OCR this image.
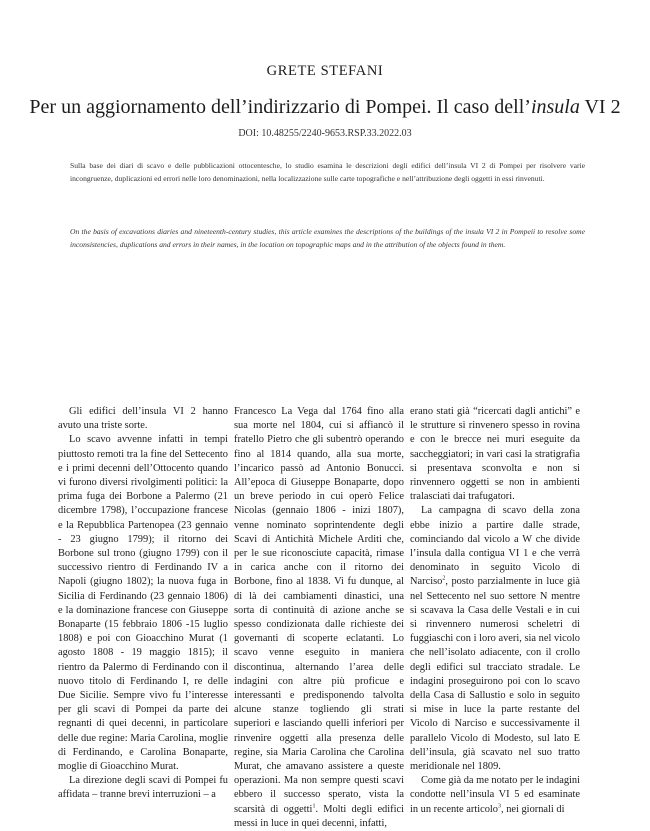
GRETE STEFANI
Per un aggiornamento dell’indirizzario di Pompei. Il caso dell’insula VI 2
DOI: 10.48255/2240-9653.RSP.33.2022.03

Sulla base dei diari di scavo e delle pubblicazioni ottocentesche, lo studio esamina le descrizioni degli edifici dell’insula VI 2 di Pompei per risolvere varie incongruenze, duplicazioni ed errori nelle loro denominazioni, nella localizzazione sulle carte topografiche e nell’attribuzione degli oggetti in essi rinvenuti.

On the basis of excavations diaries and nineteenth-century studies, this article examines the descriptions of the buildings of the insula VI 2 in Pompeii to resolve some inconsistencies, duplications and errors in their names, in the location on topographic maps and in the attribution of the objects found in them.

Gli edifici dell’insula VI 2 hanno avuto una triste sorte.

Lo scavo avvenne infatti in tempi piuttosto remoti tra la fine del Settecento e i primi decenni dell’Ottocento quando vi furono diversi rivolgimenti politici: la prima fuga dei Borbone a Palermo (21 dicembre 1798), l’occupazione francese e la Repubblica Partenopea (23 gennaio - 23 giugno 1799); il ritorno dei Borbone sul trono (giugno 1799) con il successivo rientro di Ferdinando IV a Napoli (giugno 1802); la nuova fuga in Sicilia di Ferdinando (23 gennaio 1806) e la dominazione francese con Giuseppe Bonaparte (15 febbraio 1806 -15 luglio 1808) e poi con Gioacchino Murat (1 agosto 1808 - 19 maggio 1815); il rientro da Palermo di Ferdinando con il nuovo titolo di Ferdinando I, re delle Due Sicilie. Sempre vivo fu l’interesse per gli scavi di Pompei da parte dei regnanti di quei decenni, in particolare delle due regine: Maria Carolina, moglie di Ferdinando, e Carolina Bonaparte, moglie di Gioacchino Murat.

La direzione degli scavi di Pompei fu affidata – tranne brevi interruzioni – a

Francesco La Vega dal 1764 fino alla sua morte nel 1804, cui si affiancò il fratello Pietro che gli subentrò operando fino al 1814 quando, alla sua morte, l’incarico passò ad Antonio Bonucci. All’epoca di Giuseppe Bonaparte, dopo un breve periodo in cui operò Felice Nicolas (gennaio 1806 - inizi 1807), venne nominato soprintendente degli Scavi di Antichità Michele Arditi che, per le sue riconosciute capacità, rimase in carica anche con il ritorno dei Borbone, fino al 1838. Vi fu dunque, al di là dei cambiamenti dinastici, una sorta di continuità di azione anche se spesso condizionata dalle richieste dei governanti di scoperte eclatanti. Lo scavo venne eseguito in maniera discontinua, alternando l’area delle indagini con altre più proficue e interessanti e predisponendo talvolta alcune stanze togliendo gli strati superiori e lasciando quelli inferiori per rinvenire oggetti alla presenza delle regine, sia Maria Carolina che Carolina Murat, che amavano assistere a queste operazioni. Ma non sempre questi scavi ebbero il successo sperato, vista la scarsità di oggetti$^1$. Molti degli edifici messi in luce in quei decenni, infatti,

erano stati già “ricercati dagli antichi” e le strutture si rinvenero spesso in rovina e con le brecce nei muri eseguite da saccheggiatori; in vari casi la stratigrafia si presentava sconvolta e non si rinvennero oggetti se non in ambienti tralasciati dai trafugatori.

La campagna di scavo della zona ebbe inizio a partire dalle strade, cominciando dal vicolo a W che divide l’insula dalla contigua VI 1 e che verrà denominato in seguito Vicolo di Narciso$^2$, posto parzialmente in luce già nel Settecento nel suo settore N mentre si scavava la Casa delle Vestali e in cui si rinvennero numerosi scheletri di fuggiaschi con i loro averi, sia nel vicolo che nell’isolato adiacente, con il crollo degli edifici sul tracciato stradale. Le indagini proseguirono poi con lo scavo della Casa di Sallustio e solo in seguito si mise in luce la parte restante del Vicolo di Narciso e successivamente il parallelo Vicolo di Modesto, sul lato E dell’insula, già scavato nel suo tratto meridionale nel 1809.

Come già da me notato per le indagini condotte nell’insula VI 5 ed esaminate in un recente articolo$^3$, nei giornali di
